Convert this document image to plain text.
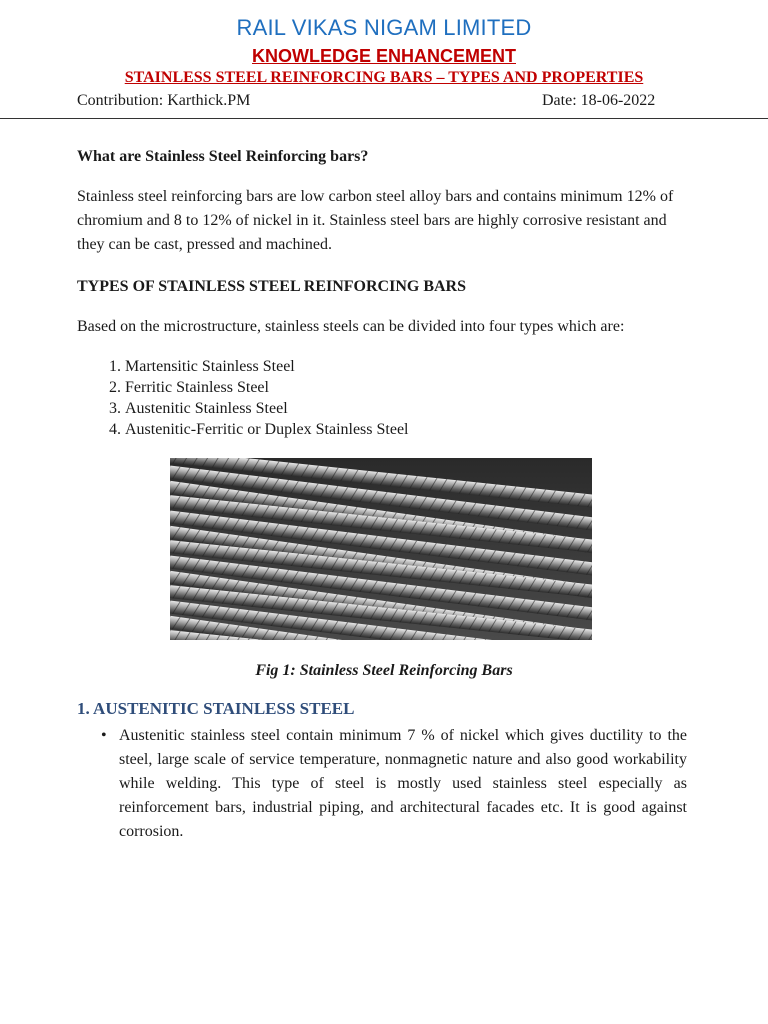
RAIL VIKAS NIGAM LIMITED
KNOWLEDGE ENHANCEMENT
STAINLESS STEEL REINFORCING BARS – TYPES AND PROPERTIES
Contribution: Karthick.PM	Date: 18-06-2022
What are Stainless Steel Reinforcing bars?

Stainless steel reinforcing bars are low carbon steel alloy bars and contains minimum 12% of chromium and 8 to 12% of nickel in it. Stainless steel bars are highly corrosive resistant and they can be cast, pressed and machined.

TYPES OF STAINLESS STEEL REINFORCING BARS
Based on the microstructure, stainless steels can be divided into four types which are:
1. Martensitic Stainless Steel
2. Ferritic Stainless Steel
3. Austenitic Stainless Steel
4. Austenitic-Ferritic or Duplex Stainless Steel
Fig 1: Stainless Steel Reinforcing Bars
1. AUSTENITIC STAINLESS STEEL
• Austenitic stainless steel contain minimum 7 % of nickel which gives ductility to the steel, large scale of service temperature, nonmagnetic nature and also good workability while welding. This type of steel is mostly used stainless steel especially as reinforcement bars, industrial piping, and architectural facades etc. It is good against corrosion.
